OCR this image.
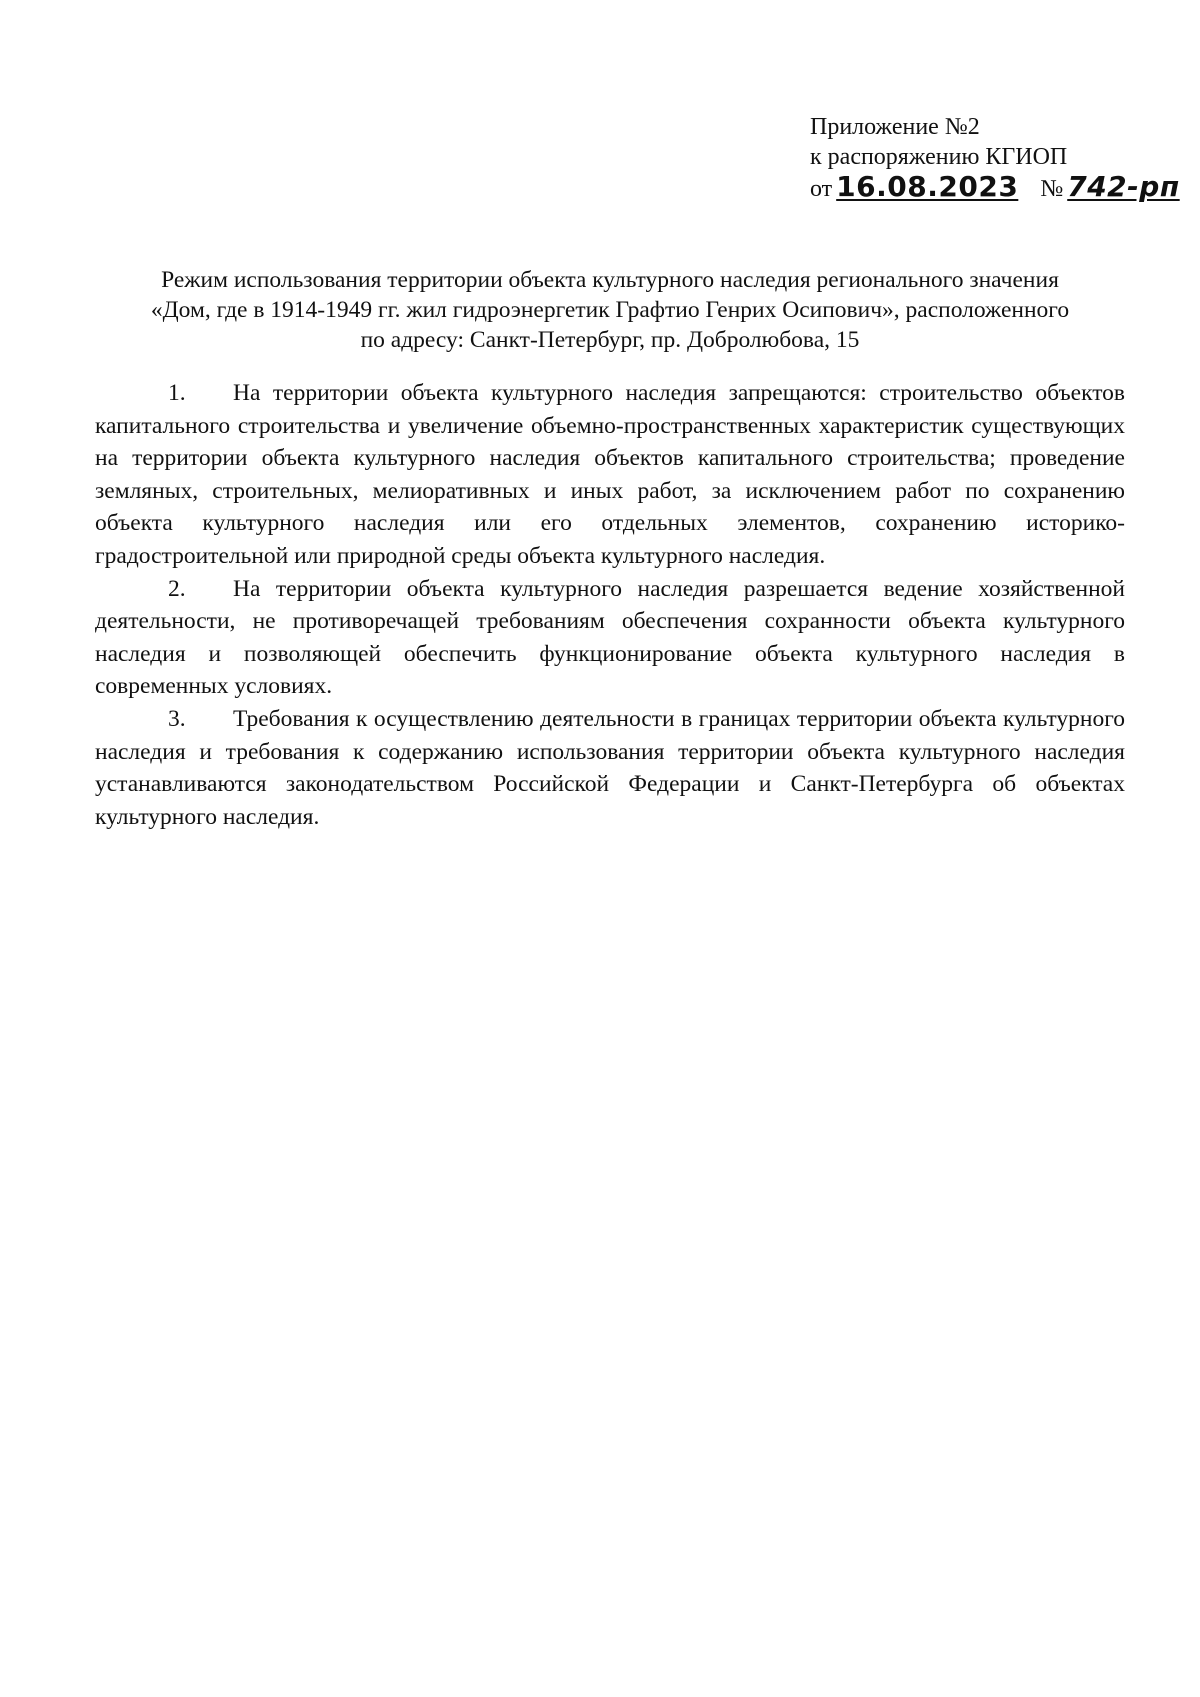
Приложение №2
к распоряжению КГИОП
от 16.08.2023 № 742-рп
Режим использования территории объекта культурного наследия регионального значения
«Дом, где в 1914-1949 гг. жил гидроэнергетик Графтио Генрих Осипович», расположенного
по адресу: Санкт-Петербург, пр. Добролюбова, 15

1. На территории объекта культурного наследия запрещаются: строительство объектов капитального строительства и увеличение объемно-пространственных характеристик существующих на территории объекта культурного наследия объектов капитального строительства; проведение земляных, строительных, мелиоративных и иных работ, за исключением работ по сохранению объекта культурного наследия или его отдельных элементов, сохранению историко-градостроительной или природной среды объекта культурного наследия.

2. На территории объекта культурного наследия разрешается ведение хозяйственной деятельности, не противоречащей требованиям обеспечения сохранности объекта культурного наследия и позволяющей обеспечить функционирование объекта культурного наследия в современных условиях.

3. Требования к осуществлению деятельности в границах территории объекта культурного наследия и требования к содержанию использования территории объекта культурного наследия устанавливаются законодательством Российской Федерации и Санкт-Петербурга об объектах культурного наследия.
